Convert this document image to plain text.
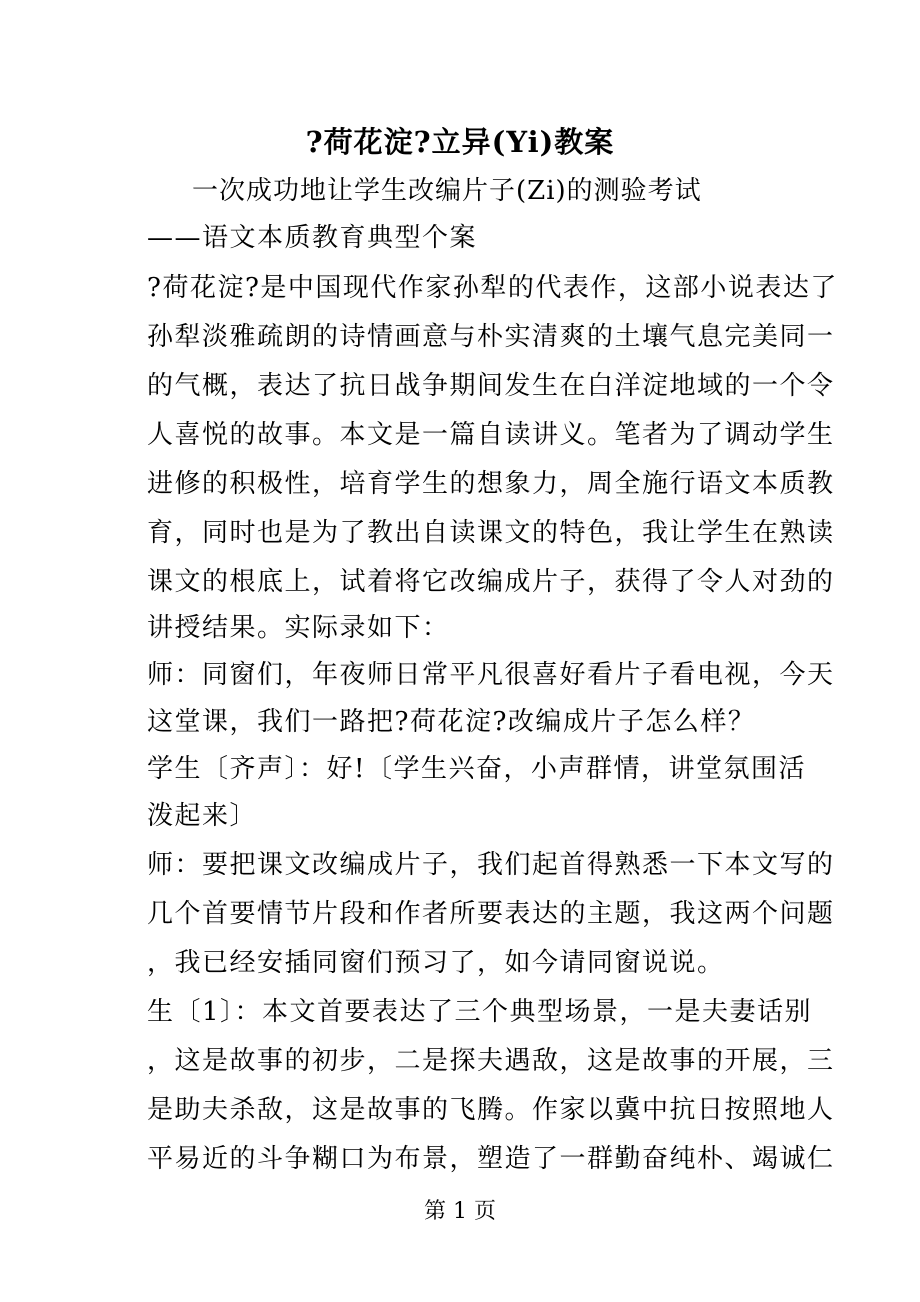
?荷花淀?立异(Yi)教案
一次成功地让学生改编片子(Zi)的测验考试
——语文本质教育典型个案
?荷花淀?是中国现代作家孙犁的代表作，这部小说表达了
孙犁淡雅疏朗的诗情画意与朴实清爽的土壤气息完美同一
的气概，表达了抗日战争期间发生在白洋淀地域的一个令
人喜悦的故事。本文是一篇自读讲义。笔者为了调动学生
进修的积极性，培育学生的想象力，周全施行语文本质教
育，同时也是为了教出自读课文的特色，我让学生在熟读
课文的根底上，试着将它改编成片子，获得了令人对劲的
讲授结果。实际录如下：
师：同窗们，年夜师日常平凡很喜好看片子看电视，今天
这堂课，我们一路把?荷花淀?改编成片子怎么样？
学生〔齐声〕：好!〔学生兴奋，小声群情，讲堂氛围活
泼起来〕
师：要把课文改编成片子，我们起首得熟悉一下本文写的
几个首要情节片段和作者所要表达的主题，我这两个问题
，我已经安插同窗们预习了，如今请同窗说说。
生〔1〕：本文首要表达了三个典型场景，一是夫妻话别
，这是故事的初步，二是探夫遇敌，这是故事的开展，三
是助夫杀敌，这是故事的飞腾。作家以冀中抗日按照地人
平易近的斗争糊口为布景，塑造了一群勤奋纯朴、竭诚仁
第 1 页
